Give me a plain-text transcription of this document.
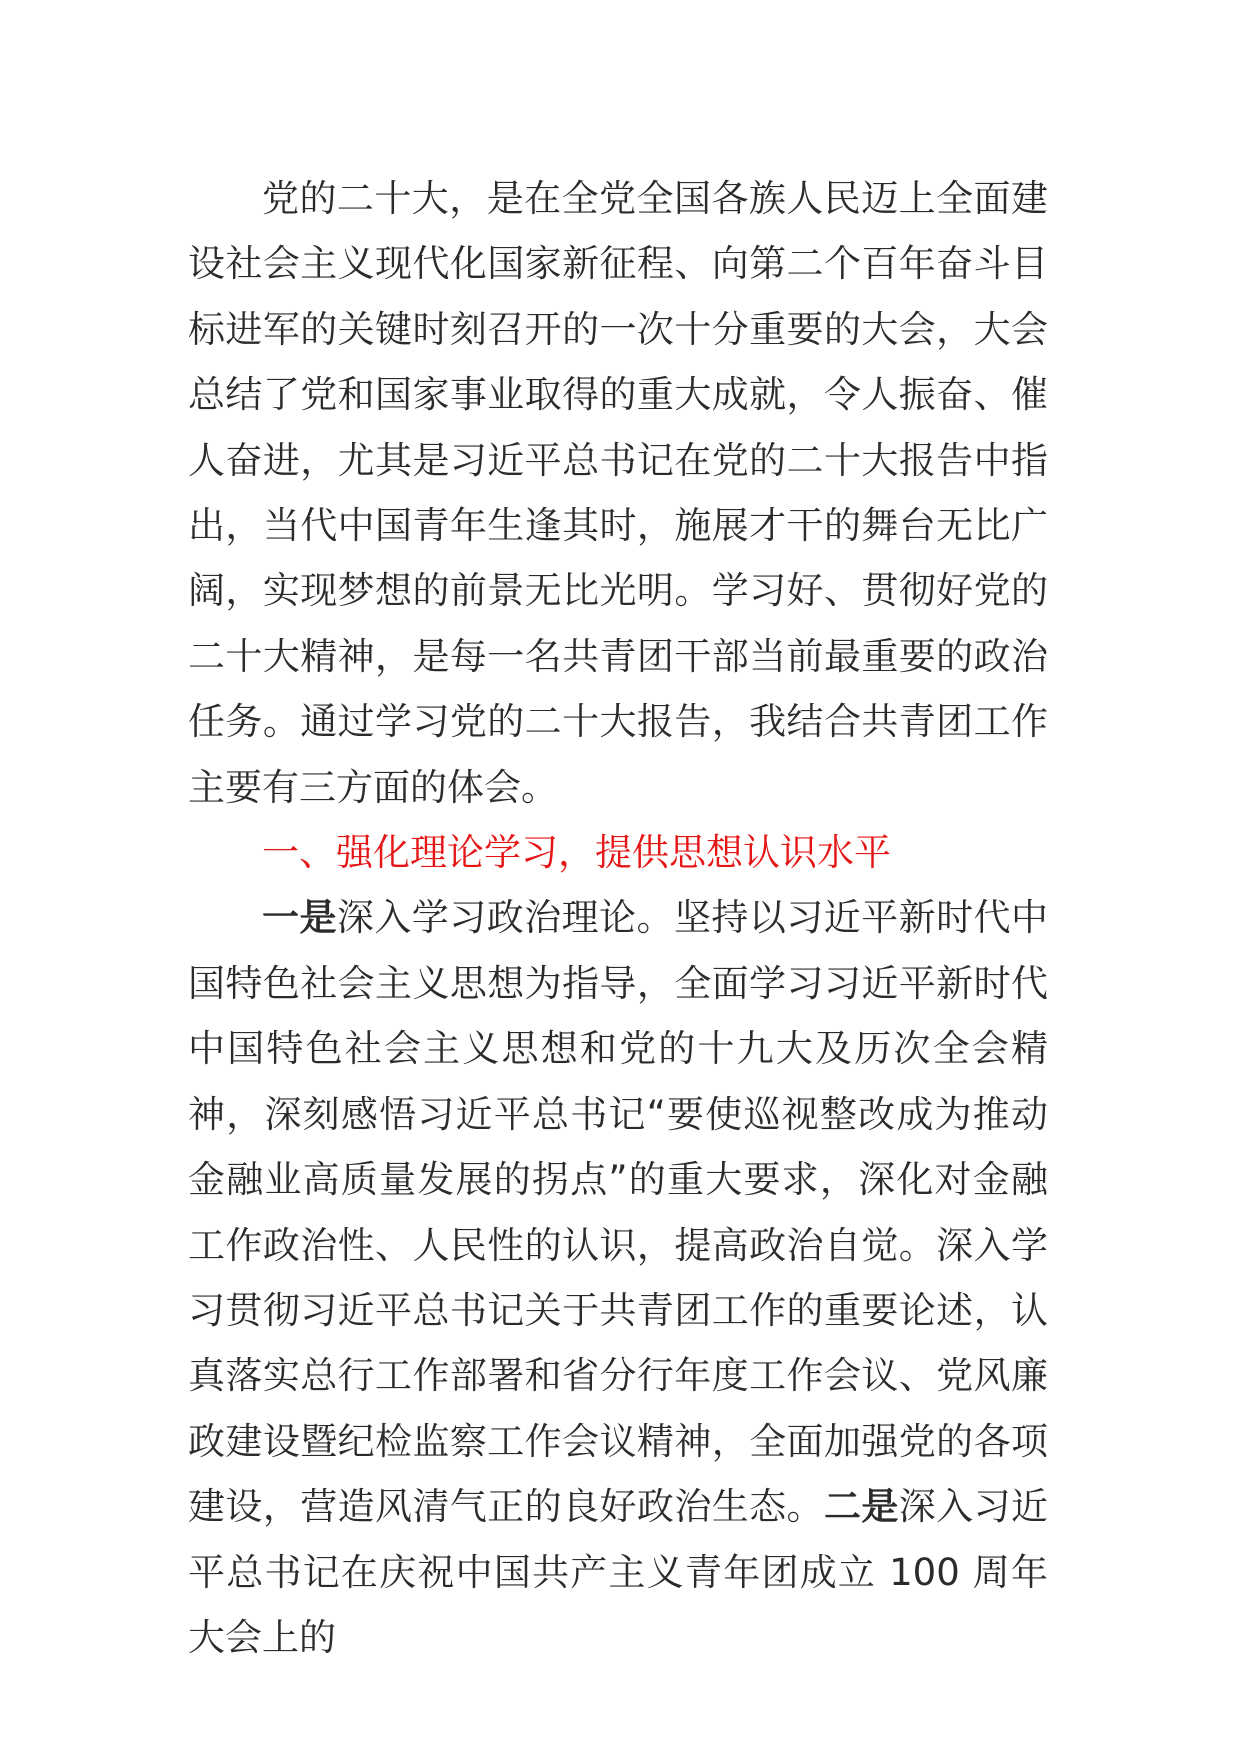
党的二十大，是在全党全国各族人民迈上全面建设社会主义现代化国家新征程、向第二个百年奋斗目标进军的关键时刻召开的一次十分重要的大会，大会总结了党和国家事业取得的重大成就，令人振奋、催人奋进，尤其是习近平总书记在党的二十大报告中指出，当代中国青年生逢其时，施展才干的舞台无比广阔，实现梦想的前景无比光明。学习好、贯彻好党的二十大精神，是每一名共青团干部当前最重要的政治任务。通过学习党的二十大报告，我结合共青团工作主要有三方面的体会。

一、强化理论学习，提供思想认识水平

一是深入学习政治理论。坚持以习近平新时代中国特色社会主义思想为指导，全面学习习近平新时代中国特色社会主义思想和党的十九大及历次全会精神，深刻感悟习近平总书记“要使巡视整改成为推动金融业高质量发展的拐点”的重大要求，深化对金融工作政治性、人民性的认识，提高政治自觉。深入学习贯彻习近平总书记关于共青团工作的重要论述，认真落实总行工作部署和省分行年度工作会议、党风廉政建设暨纪检监察工作会议精神，全面加强党的各项建设，营造风清气正的良好政治生态。二是深入习近平总书记在庆祝中国共产主义青年团成立 100 周年大会上的
